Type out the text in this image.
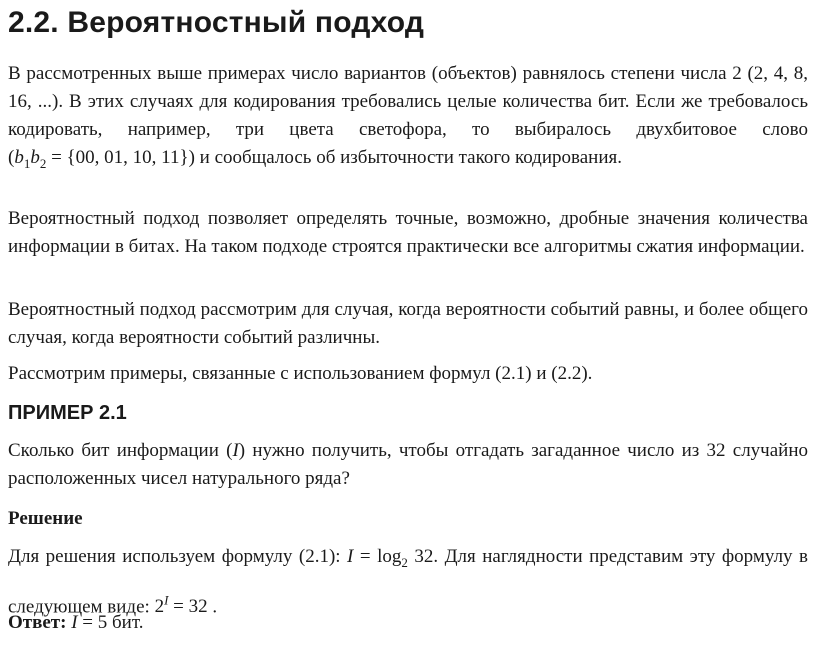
2.2. Вероятностный подход

В рассмотренных выше примерах число вариантов (объектов) равнялось степени числа 2 (2, 4, 8, 16, ...). В этих случаях для кодирования требовались целые количества бит. Если же требовалось кодировать, например, три цвета светофора, то выбиралось двухбитовое слово ($b_1b_2 = \{00$, 01, 10, 11}) и сообщалось об избыточности такого кодирования.

Вероятностный подход позволяет определять точные, возможно, дробные значения количества информации в битах. На таком подходе строятся практически все алгоритмы сжатия информации.

Вероятностный подход рассмотрим для случая, когда вероятности событий равны, и более общего случая, когда вероятности событий различны.

Рассмотрим примеры, связанные с использованием формул (2.1) и (2.2).

ПРИМЕР 2.1

Сколько бит информации (I) нужно получить, чтобы отгадать загаданное число из 32 случайно расположенных чисел натурального ряда?

Решение

Для решения используем формулу (2.1): $I = \log_2 32$. Для наглядности представим эту формулу в следующем виде: $2^I = 32$ .

Ответ: I = 5 бит.
